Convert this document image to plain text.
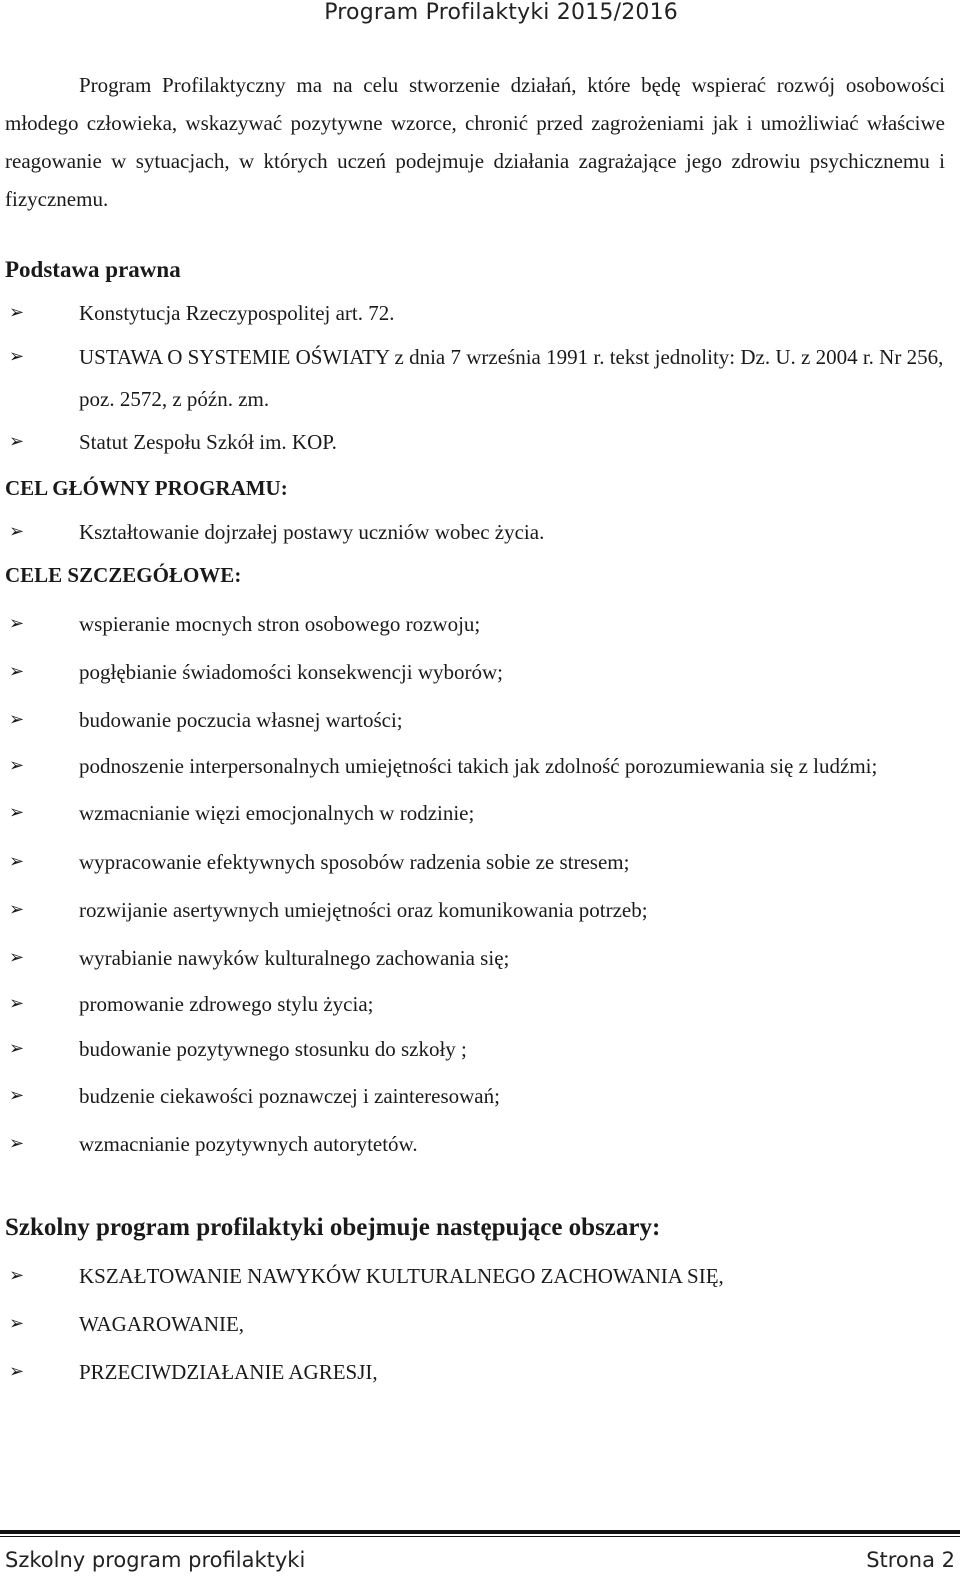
Program Profilaktyki 2015/2016

Program Profilaktyczny ma na celu stworzenie działań, które będę wspierać rozwój osobowości młodego człowieka, wskazywać pozytywne wzorce, chronić przed zagrożeniami jak i umożliwiać właściwe reagowanie w sytuacjach, w których uczeń podejmuje działania zagrażające jego zdrowiu psychicznemu i fizycznemu.

Podstawa prawna
➢	Konstytucja Rzeczypospolitej art. 72.
➢	USTAWA O SYSTEMIE OŚWIATY z dnia 7 września 1991 r. tekst jednolity: Dz. U. z 2004 r. Nr 256, poz. 2572, z późn. zm.
➢	Statut Zespołu Szkół im. KOP.
CEL GŁÓWNY PROGRAMU:
➢	Kształtowanie dojrzałej postawy uczniów wobec życia.
CELE SZCZEGÓŁOWE:
➢	wspieranie mocnych stron osobowego rozwoju;
➢	pogłębianie świadomości konsekwencji wyborów;
➢	budowanie poczucia własnej wartości;
➢	podnoszenie interpersonalnych umiejętności takich jak zdolność porozumiewania się z ludźmi;
➢	wzmacnianie więzi emocjonalnych w rodzinie;
➢	wypracowanie efektywnych sposobów radzenia sobie ze stresem;
➢	rozwijanie asertywnych umiejętności oraz komunikowania potrzeb;
➢	wyrabianie nawyków kulturalnego zachowania się;
➢	promowanie zdrowego stylu życia;
➢	budowanie pozytywnego stosunku do szkoły ;
➢	budzenie ciekawości poznawczej i zainteresowań;
➢	wzmacnianie pozytywnych autorytetów.
Szkolny program profilaktyki obejmuje następujące obszary:
➢	KSZAŁTOWANIE NAWYKÓW KULTURALNEGO ZACHOWANIA SIĘ,
➢	WAGAROWANIE,
➢	PRZECIWDZIAŁANIE AGRESJI,
Szkolny program profilaktyki	Strona 2
